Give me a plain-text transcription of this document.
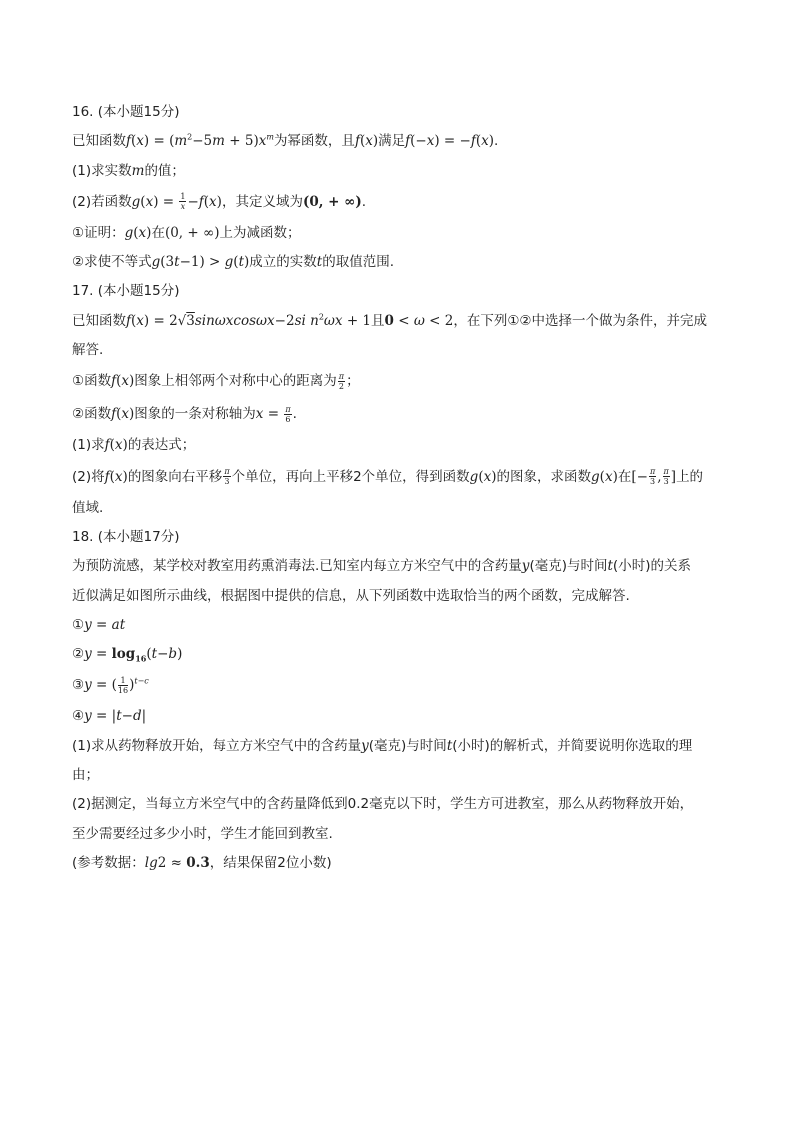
16. (本小题15分)
已知函数$f(x) = (m^2-5m + 5)x^m$为幂函数，且f(x)满足f(−x) = −f(x).
(1)求实数m的值；
(2)若函数$g(x) = \frac{1}{x} -f(x)$，其定义域为(0, + ∞).
①证明：g(x)在(0, + ∞)上为减函数；
②求使不等式g(3t−1) > g(t)成立的实数t的取值范围.
17. (本小题15分)
已知函数f(x) = 2√3sinωxcosωx−2si $n^2\omega x + 1$且0 < ω < 2，在下列①②中选择一个做为条件，并完成
解答.
①函数f(x)图象上相邻两个对称中心的距离为 $\frac{\pi}{2}$ ；
②函数f(x)图象的一条对称轴为$x = \frac{\pi}{6}$ .
(1)求f(x)的表达式；
(2)将f(x)的图象向右平移 $\frac{\pi}{3}$ 个单位，再向上平移2个单位，得到函数g(x)的图象，求函数g(x)在[− $\frac{\pi}{3}$ , $\frac{\pi}{3}$ ]上的
值域.
18. (本小题17分)
为预防流感，某学校对教室用药熏消毒法.已知室内每立方米空气中的含药量y(毫克)与时间t(小时)的关系
近似满足如图所示曲线，根据图中提供的信息，从下列函数中选取恰当的两个函数，完成解答.
①y = at
②y = $\log_{16}(t-b)$
③y = ( $\frac{1}{16} )^{t-c}$
④y = |t−d|
(1)求从药物释放开始，每立方米空气中的含药量y(毫克)与时间t(小时)的解析式，并简要说明你选取的理
由；
(2)据测定，当每立方米空气中的含药量降低到0.2毫克以下时，学生方可进教室，那么从药物释放开始，
至少需要经过多少小时，学生才能回到教室.
(参考数据：lg2 ≈ 0.3，结果保留2位小数)
